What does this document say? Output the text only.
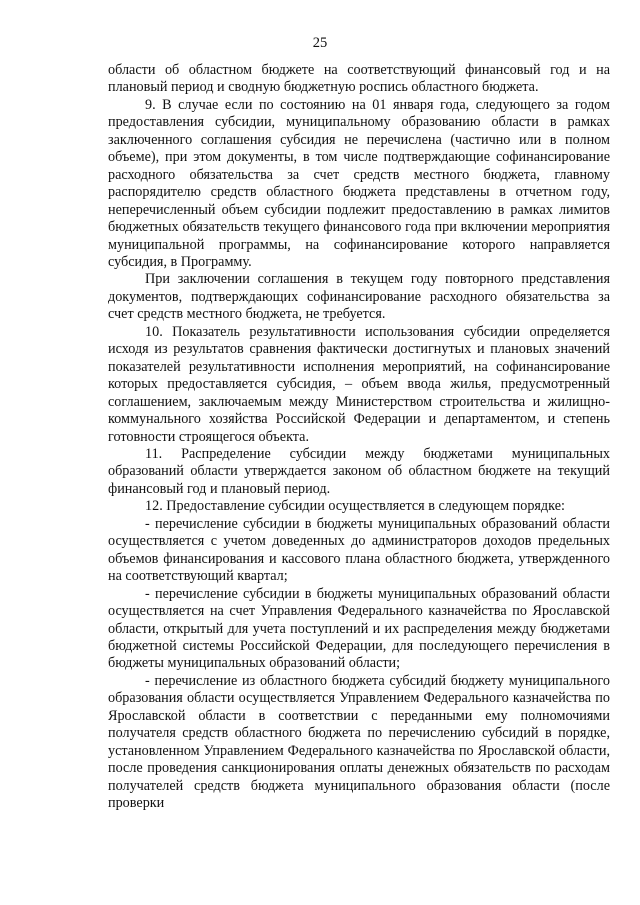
25

области об областном бюджете на соответствующий финансовый год и на плановый период и сводную бюджетную роспись областного бюджета.

9. В случае если по состоянию на 01 января года, следующего за годом предоставления субсидии, муниципальному образованию области в рамках заключенного соглашения субсидия не перечислена (частично или в полном объеме), при этом документы, в том числе подтверждающие софинансирование расходного обязательства за счет средств местного бюджета, главному распорядителю средств областного бюджета представлены в отчетном году, неперечисленный объем субсидии подлежит предоставлению в рамках лимитов бюджетных обязательств текущего финансового года при включении мероприятия муниципальной программы, на софинансирование которого направляется субсидия, в Программу.

При заключении соглашения в текущем году повторного представления документов, подтверждающих софинансирование расходного обязательства за счет средств местного бюджета, не требуется.

10. Показатель результативности использования субсидии определяется исходя из результатов сравнения фактически достигнутых и плановых значений показателей результативности исполнения мероприятий, на софинансирование которых предоставляется субсидия, – объем ввода жилья, предусмотренный соглашением, заключаемым между Министерством строительства и жилищно-коммунального хозяйства Российской Федерации и департаментом, и степень готовности строящегося объекта.

11. Распределение субсидии между бюджетами муниципальных образований области утверждается законом об областном бюджете на текущий финансовый год и плановый период.

12. Предоставление субсидии осуществляется в следующем порядке:

- перечисление субсидии в бюджеты муниципальных образований области осуществляется с учетом доведенных до администраторов доходов предельных объемов финансирования и кассового плана областного бюджета, утвержденного на соответствующий квартал;

- перечисление субсидии в бюджеты муниципальных образований области осуществляется на счет Управления Федерального казначейства по Ярославской области, открытый для учета поступлений и их распределения между бюджетами бюджетной системы Российской Федерации, для последующего перечисления в бюджеты муниципальных образований области;

- перечисление из областного бюджета субсидий бюджету муниципального образования области осуществляется Управлением Федерального казначейства по Ярославской области в соответствии с переданными ему полномочиями получателя средств областного бюджета по перечислению субсидий в порядке, установленном Управлением Федерального казначейства по Ярославской области, после проведения санкционирования оплаты денежных обязательств по расходам получателей средств бюджета муниципального образования области (после проверки
